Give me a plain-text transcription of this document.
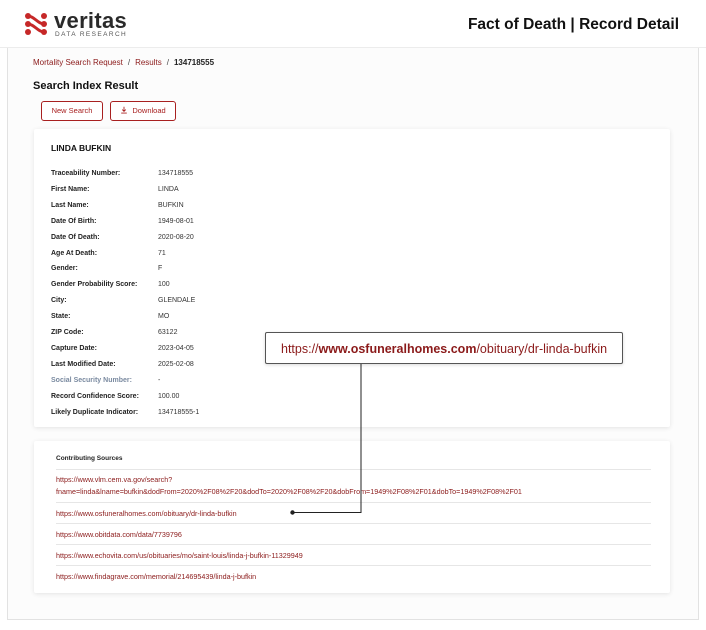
veritas
DATA RESEARCH
Fact of Death | Record Detail
Mortality Search Request / Results / 134718555
Search Index Result
New Search	Download
LINDA BUFKIN
Traceability Number:	134718555
First Name:	LINDA
Last Name:	BUFKIN
Date Of Birth:	1949-08-01
Date Of Death:	2020-08-20
Age At Death:	71
Gender:	F
Gender Probability Score:	100
City:	GLENDALE
State:	MO
ZIP Code:	63122
Capture Date:	2023-04-05
Last Modified Date:	2025-02-08
Social Security Number:	-
Record Confidence Score:	100.00
Likely Duplicate Indicator:	134718555-1
Contributing Sources
https://www.vlm.cem.va.gov/search?
fname=linda&lname=bufkin&dodFrom=2020%2F08%2F20&dodTo=2020%2F08%2F20&dobFrom=1949%2F08%2F01&dobTo=1949%2F08%2F01
https://www.osfuneralhomes.com/obituary/dr-linda-bufkin
https://www.obitdata.com/data/7739796
https://www.echovita.com/us/obituaries/mo/saint-louis/linda-j-bufkin-11329949
https://www.findagrave.com/memorial/214695439/linda-j-bufkin
https://www.osfuneralhomes.com/obituary/dr-linda-bufkin
